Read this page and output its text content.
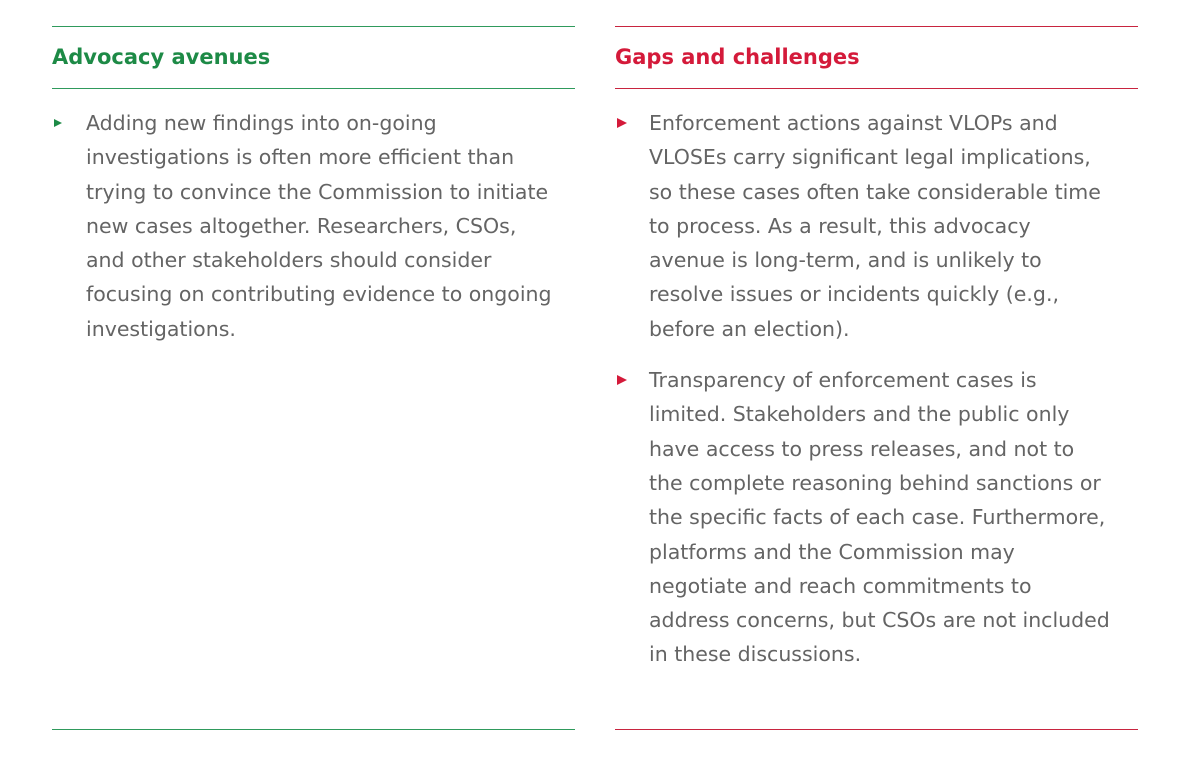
Advocacy avenues
Adding new findings into on-going investigations is often more efficient than trying to convince the Commission to initiate new cases altogether. Researchers, CSOs, and other stakeholders should consider focusing on contributing evidence to ongoing investigations.
Gaps and challenges
Enforcement actions against VLOPs and VLOSEs carry significant legal implications, so these cases often take considerable time to process. As a result, this advocacy avenue is long-term, and is unlikely to resolve issues or incidents quickly (e.g., before an election).
Transparency of enforcement cases is limited. Stakeholders and the public only have access to press releases, and not to the complete reasoning behind sanctions or the specific facts of each case. Furthermore, platforms and the Commission may negotiate and reach commitments to address concerns, but CSOs are not included in these discussions.
